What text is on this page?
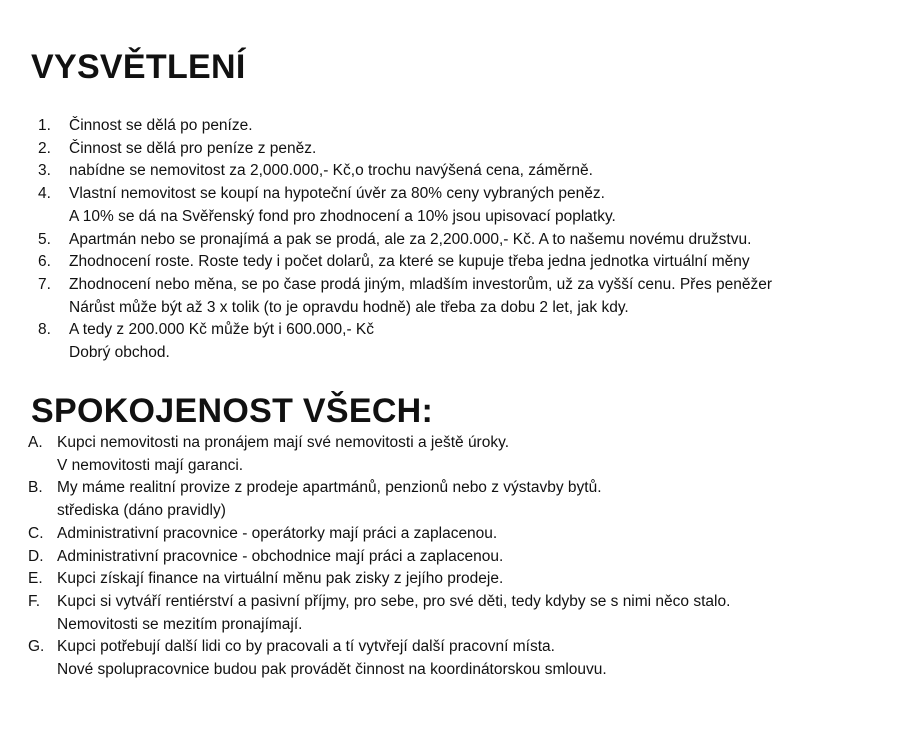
VYSVĚTLENÍ
1. Činnost se dělá po peníze.
2. Činnost se dělá pro peníze z peněz.
3. nabídne se nemovitost za 2,000.000,- Kč,o trochu navýšená cena, záměrně.
4. Vlastní nemovitost se koupí na hypoteční úvěr za 80% ceny vybraných peněz.
A 10% se dá na Svěřenský fond pro zhodnocení a 10% jsou upisovací poplatky.
5. Apartmán nebo se pronajímá a pak se prodá, ale za 2,200.000,- Kč. A to našemu novému družstvu.
6. Zhodnocení roste. Roste tedy i počet dolarů, za které se kupuje třeba jedna jednotka virtuální měny
7. Zhodnocení nebo měna, se po čase prodá jiným, mladším investorům, už za vyšší cenu. Přes peněžer
Nárůst může být až 3 x tolik (to je opravdu hodně) ale třeba za dobu 2 let, jak kdy.
8. A tedy z 200.000 Kč může být i 600.000,- Kč
Dobrý obchod.
SPOKOJENOST VŠECH:
A. Kupci nemovitosti na pronájem mají své nemovitosti a ještě úroky.
V nemovitosti mají garanci.
B. My máme realitní provize z prodeje apartmánů, penzionů nebo z výstavby bytů.
střediska (dáno pravidly)
C. Administrativní pracovnice - operátorky mají práci a zaplacenou.
D. Administrativní pracovnice - obchodnice mají práci a zaplacenou.
E. Kupci získají finance na virtuální měnu pak zisky z jejího prodeje.
F. Kupci si vytváří rentiérství a pasivní příjmy, pro sebe, pro své děti, tedy kdyby se s nimi něco stalo.
Nemovitosti se mezitím pronajímají.
G. Kupci potřebují další lidi co by pracovali a tí vytvřejí další pracovní místa.
Nové spolupracovnice budou pak provádět činnost na koordinátorskou smlouvu.
